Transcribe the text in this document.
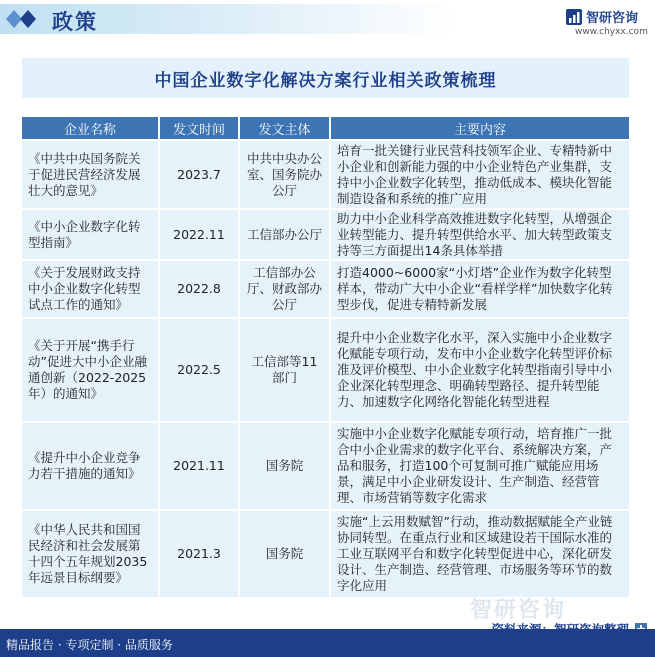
政策	智研咨询
www.chyxx.com
中国企业数字化解决方案行业相关政策梳理
企业名称	发文时间	发文主体	主要内容
《中共中央国务院关于促进民营经济发展壮大的意见》	2023.7	中共中央办公室、国务院办公厅	培育一批关键行业民营科技领军企业、专精特新中小企业和创新能力强的中小企业特色产业集群，支持中小企业数字化转型，推动低成本、模块化智能制造设备和系统的推广应用
《中小企业数字化转型指南》	2022.11	工信部办公厅	助力中小企业科学高效推进数字化转型，从增强企业转型能力、提升转型供给水平、加大转型政策支持等三方面提出14条具体举措
《关于发展财政支持中小企业数字化转型试点工作的通知》	2022.8	工信部办公厅、财政部办公厅	打造4000~6000家“小灯塔”企业作为数字化转型样本，带动广大中小企业“看样学样”加快数字化转型步伐，促进专精特新发展
《关于开展“携手行动”促进大中小企业融通创新（2022-2025年）的通知》	2022.5	工信部等11部门	提升中小企业数字化水平，深入实施中小企业数字化赋能专项行动，发布中小企业数字化转型评价标准及评价模型、中小企业数字化转型指南引导中小企业深化转型理念、明确转型路径、提升转型能力、加速数字化网络化智能化转型进程
《提升中小企业竞争力若干措施的通知》	2021.11	国务院	实施中小企业数字化赋能专项行动，培育推广一批合中小企业需求的数字化平台、系统解决方案，产品和服务，打造100个可复制可推广赋能应用场景，满足中小企业研发设计、生产制造、经营管理、市场营销等数字化需求
《中华人民共和国国民经济和社会发展第十四个五年规划2035年远景目标纲要》	2021.3	国务院	实施“上云用数赋智”行动，推动数据赋能全产业链协同转型。在重点行业和区域建设若干国际水准的工业互联网平台和数字化转型促进中心，深化研发设计、生产制造、经营管理、市场服务等环节的数字化应用
智研咨询
精品报告 · 专项定制 · 品质服务
